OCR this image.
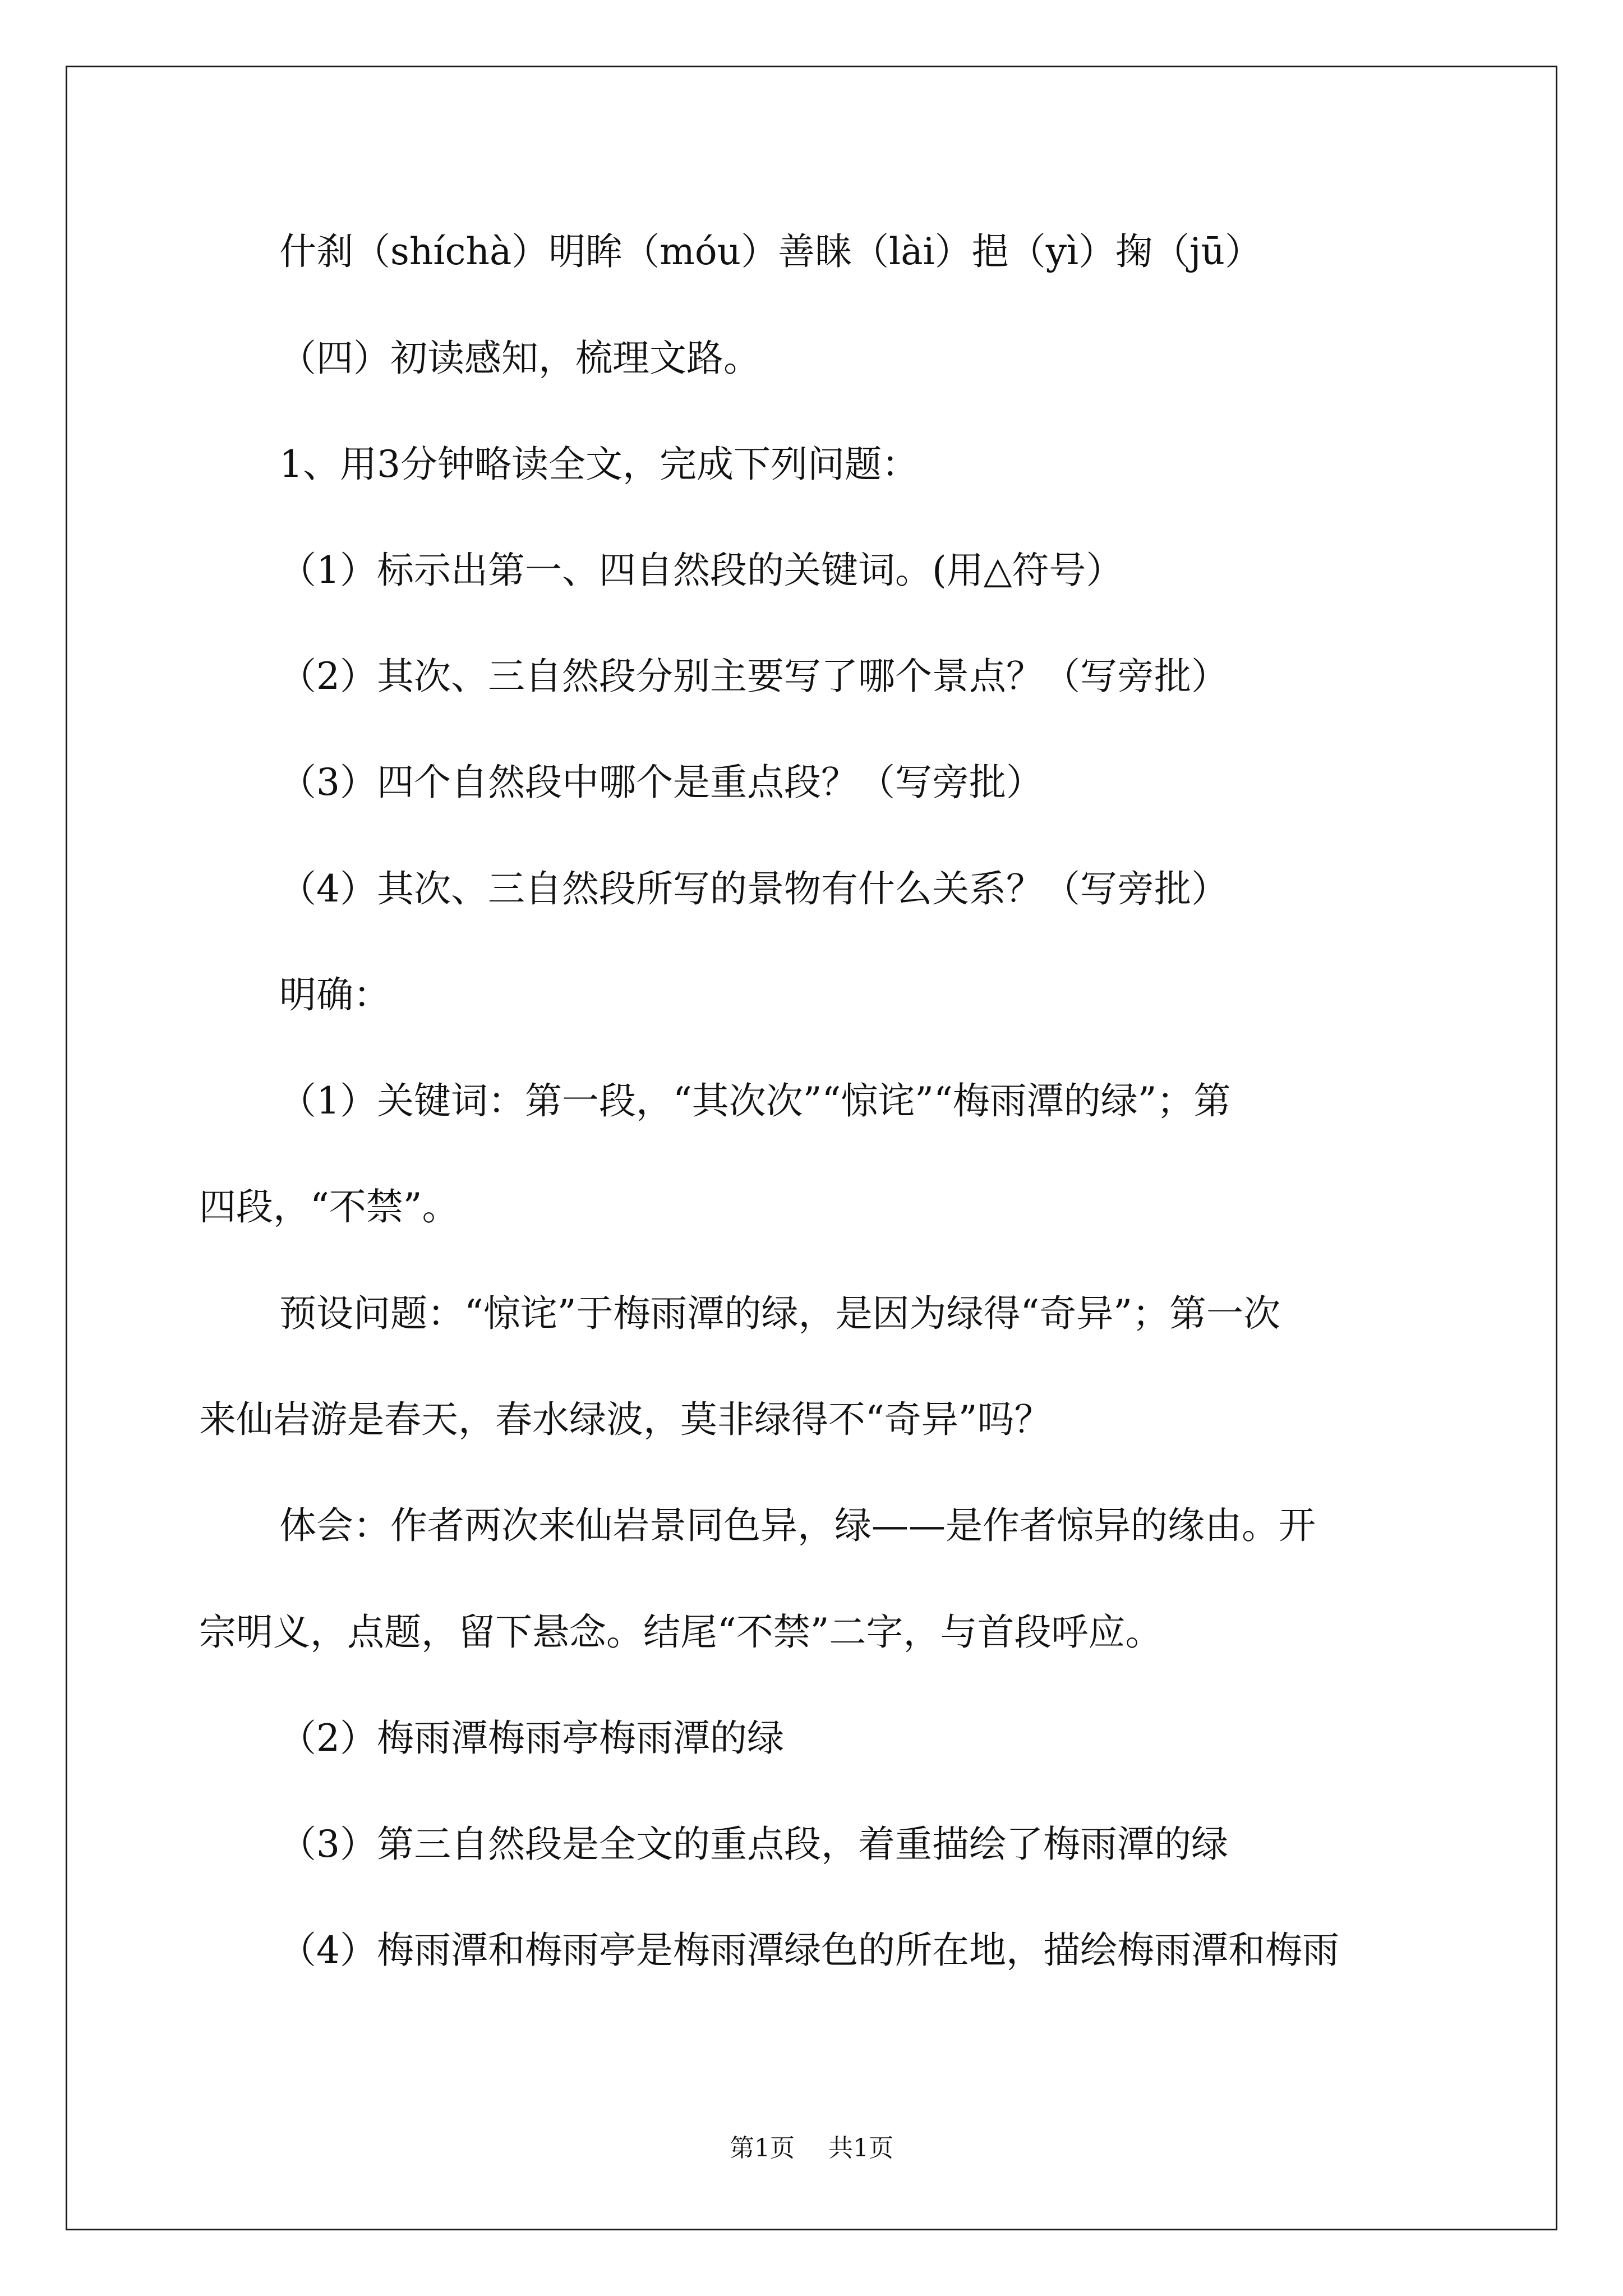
什刹（shíchà）明眸（móu）善睐（lài）挹（yì）掬（jū）
（四）初读感知，梳理文路。
1、用3分钟略读全文，完成下列问题：
（1）标示出第一、四自然段的关键词。(用△符号）
（2）其次、三自然段分别主要写了哪个景点？（写旁批）
（3）四个自然段中哪个是重点段？（写旁批）
（4）其次、三自然段所写的景物有什么关系？（写旁批）
明确：
（1）关键词：第一段，“其次次”“惊诧”“梅雨潭的绿”；第
四段，“不禁”。
预设问题：“惊诧”于梅雨潭的绿，是因为绿得“奇异”；第一次
来仙岩游是春天，春水绿波，莫非绿得不“奇异”吗？
体会：作者两次来仙岩景同色异，绿——是作者惊异的缘由。开
宗明义，点题，留下悬念。结尾“不禁”二字，与首段呼应。
（2）梅雨潭梅雨亭梅雨潭的绿
（3）第三自然段是全文的重点段，着重描绘了梅雨潭的绿
（4）梅雨潭和梅雨亭是梅雨潭绿色的所在地，描绘梅雨潭和梅雨
第1页 共1页
